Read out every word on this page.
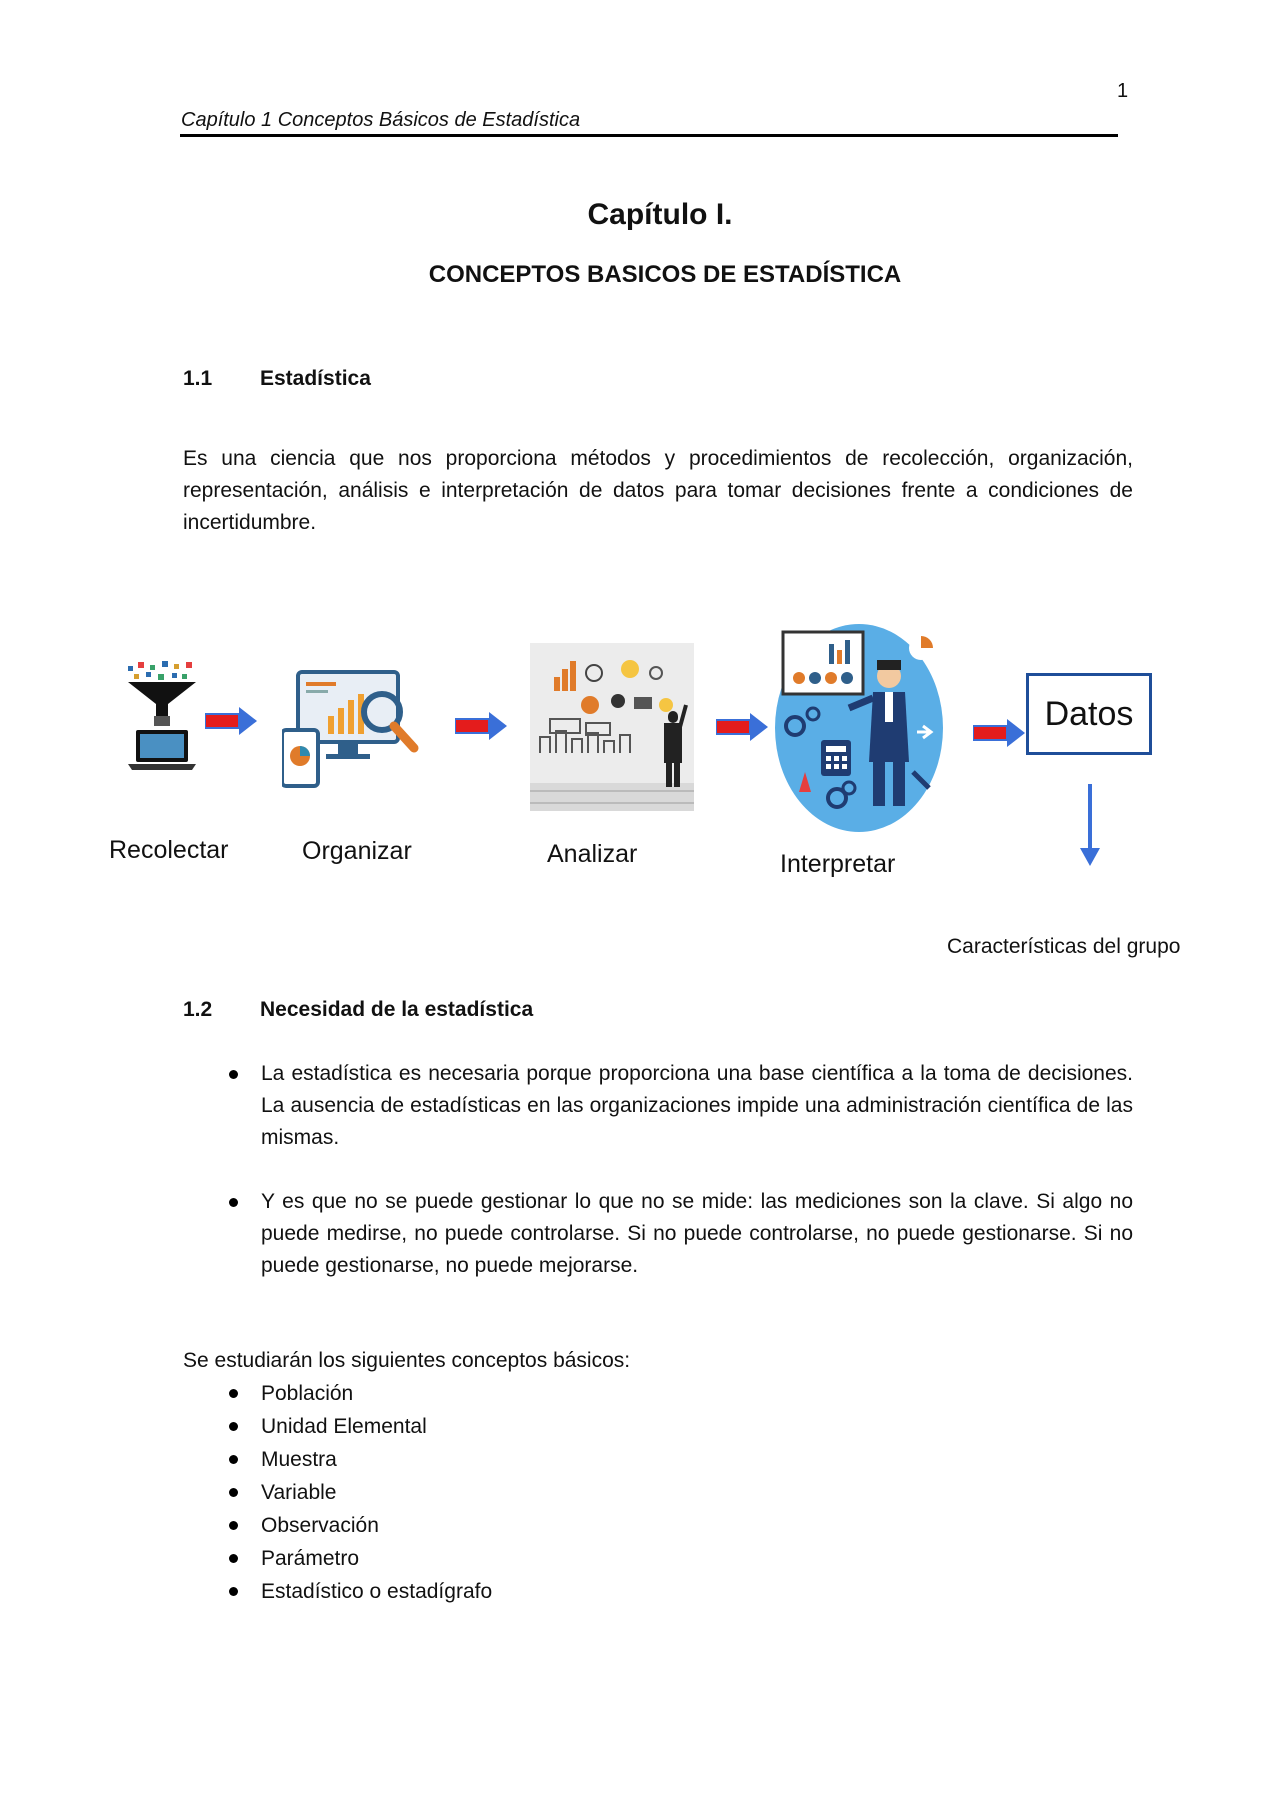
1
Capítulo 1 Conceptos Básicos de Estadística
Capítulo I.
CONCEPTOS BASICOS DE ESTADÍSTICA
1.1 Estadística
Es una ciencia que nos proporciona métodos y procedimientos de recolección, organización, representación, análisis e interpretación de datos para tomar decisiones frente a condiciones de incertidumbre.
Recolectar	Organizar	Analizar	Interpretar
Datos
Características del grupo
1.2 Necesidad de la estadística
La estadística es necesaria porque proporciona una base científica a la toma de decisiones. La ausencia de estadísticas en las organizaciones impide una administración científica de las mismas.
Y es que no se puede gestionar lo que no se mide: las mediciones son la clave. Si algo no puede medirse, no puede controlarse. Si no puede controlarse, no puede gestionarse. Si no puede gestionarse, no puede mejorarse.
Se estudiarán los siguientes conceptos básicos:
Población
Unidad Elemental
Muestra
Variable
Observación
Parámetro
Estadístico o estadígrafo
